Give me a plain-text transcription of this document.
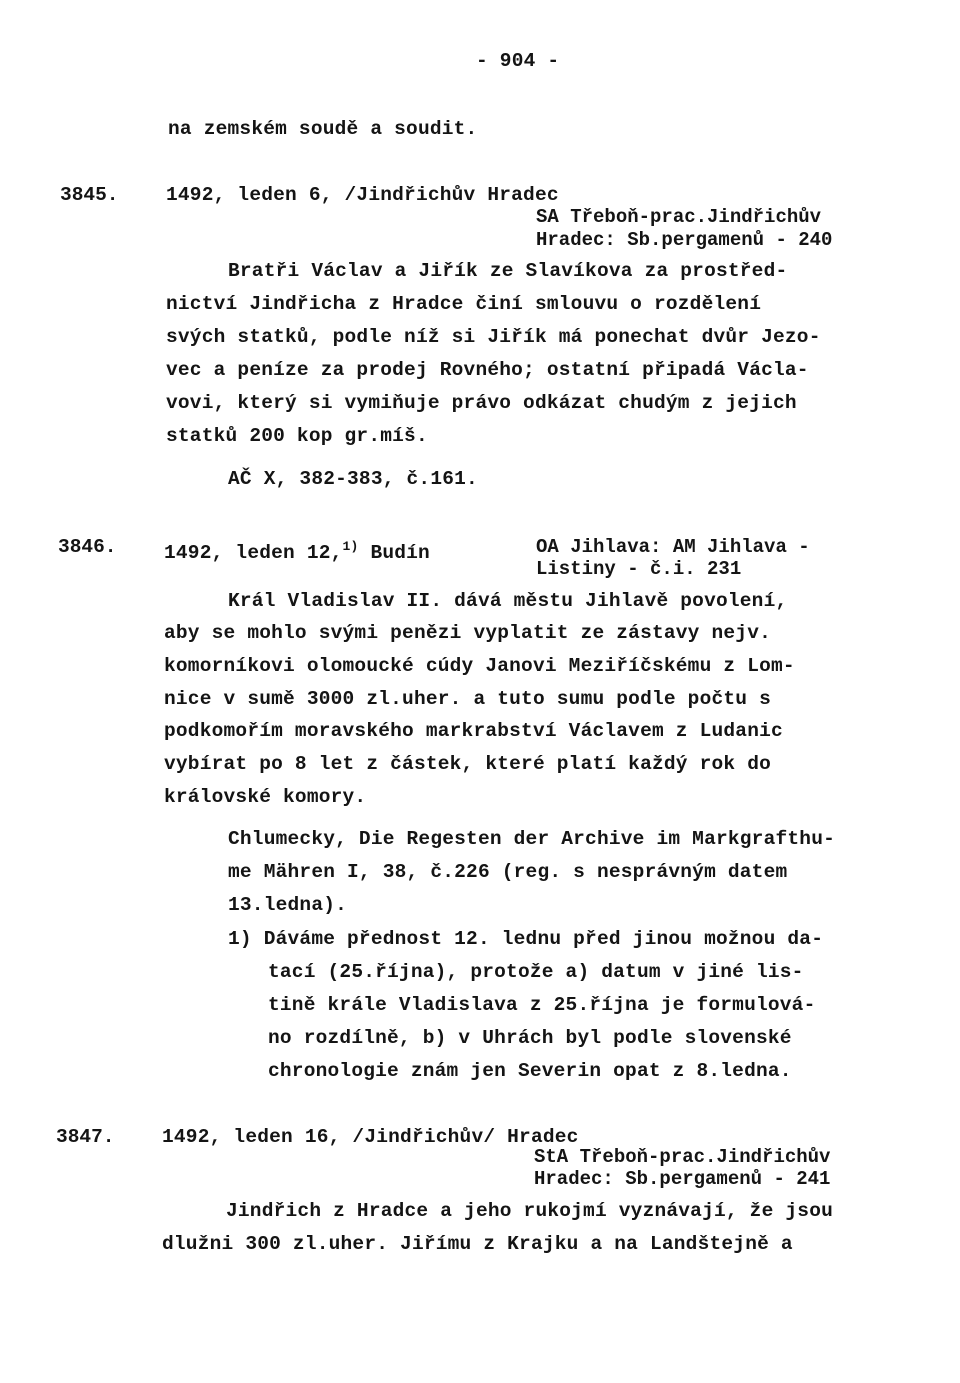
- 904 -
na zemském soudě a soudit.
3845. 1492, leden 6, /Jindřichův Hradec
SA Třeboň-prac.Jindřichův
Hradec: Sb.pergamenů - 240
Bratři Václav a Jiřík ze Slavíkova za prostřed-
nictví Jindřicha z Hradce činí smlouvu o rozdělení
svých statků, podle níž si Jiřík má ponechat dvůr Jezo-
vec a peníze za prodej Rovného; ostatní připadá Václa-
vovi, který si vymiňuje právo odkázat chudým z jejich
statků 200 kop gr.míš.
AČ X, 382-383, č.161.
3846. 1492, leden 12,$^{1)}$ Budín	OA Jihlava: AM Jihlava -
Listiny - č.i. 231
Král Vladislav II. dává městu Jihlavě povolení,
aby se mohlo svými penězi vyplatit ze zástavy nejv.
komorníkovi olomoucké cúdy Janovi Meziříčskému z Lom-
nice v sumě 3000 zl.uher. a tuto sumu podle počtu s
podkomořím moravského markrabství Václavem z Ludanic
vybírat po 8 let z částek, které platí každý rok do
královské komory.
Chlumecky, Die Regesten der Archive im Markgrafthu-
me Mähren I, 38, č.226 (reg. s nesprávným datem
13.ledna).
1) Dáváme přednost 12. lednu před jinou možnou da-
tací (25.října), protože a) datum v jiné lis-
tině krále Vladislava z 25.října je formulová-
no rozdílně, b) v Uhrách byl podle slovenské
chronologie znám jen Severin opat z 8.ledna.
3847. 1492, leden 16, /Jindřichův/ Hradec
StA Třeboň-prac.Jindřichův
Hradec: Sb.pergamenů - 241
Jindřich z Hradce a jeho rukojmí vyznávají, že jsou
dlužni 300 zl.uher. Jiřímu z Krajku a na Landštejně a
